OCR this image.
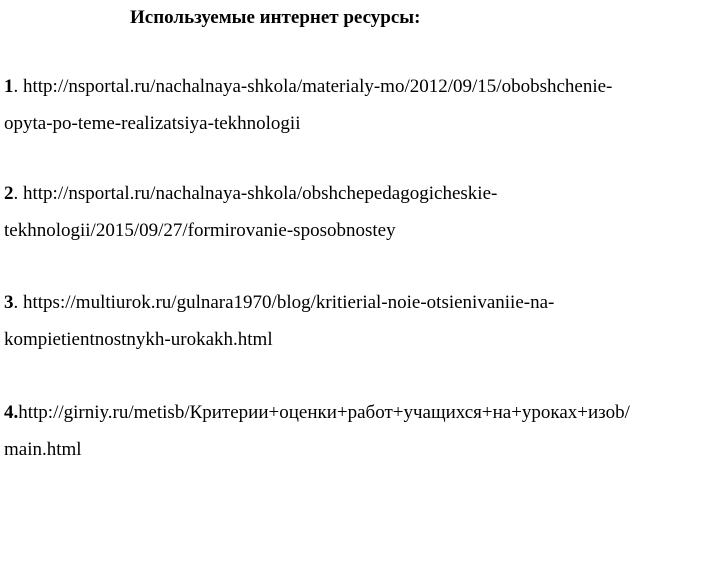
Используемые интернет ресурсы:
1. http://nsportal.ru/nachalnaya-shkola/materialy-mo/2012/09/15/obobshchenie-
opyta-po-teme-realizatsiya-tekhnologii
2. http://nsportal.ru/nachalnaya-shkola/obshchepedagogicheskie-
tekhnologii/2015/09/27/formirovanie-sposobnostey
3. https://multiurok.ru/gulnara1970/blog/kritierial-noie-otsienivaniie-na-
kompietientnostnykh-urokakh.html
4.http://girniy.ru/metisb/Критерии+оценки+работ+учащихся+на+уроках+изоb/
main.html
